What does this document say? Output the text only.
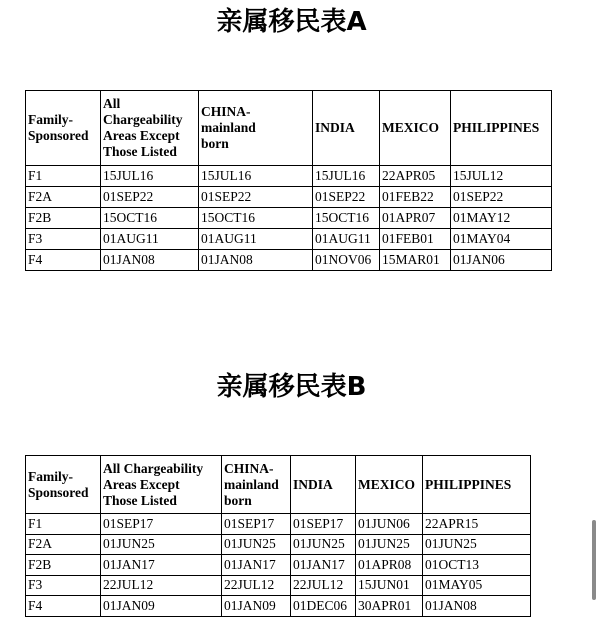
亲属移民表A
Family-
Sponsored	All
Chargeability
Areas Except
Those Listed	CHINA-
mainland
born	INDIA	MEXICO	PHILIPPINES
F1	15JUL16	15JUL16	15JUL16	22APR05	15JUL12
F2A	01SEP22	01SEP22	01SEP22	01FEB22	01SEP22
F2B	15OCT16	15OCT16	15OCT16	01APR07	01MAY12
F3	01AUG11	01AUG11	01AUG11	01FEB01	01MAY04
F4	01JAN08	01JAN08	01NOV06	15MAR01	01JAN06
亲属移民表B
Family-
Sponsored	All Chargeability
Areas Except
Those Listed	CHINA-
mainland
born	INDIA	MEXICO	PHILIPPINES
F1	01SEP17	01SEP17	01SEP17	01JUN06	22APR15
F2A	01JUN25	01JUN25	01JUN25	01JUN25	01JUN25
F2B	01JAN17	01JAN17	01JAN17	01APR08	01OCT13
F3	22JUL12	22JUL12	22JUL12	15JUN01	01MAY05
F4	01JAN09	01JAN09	01DEC06	30APR01	01JAN08
